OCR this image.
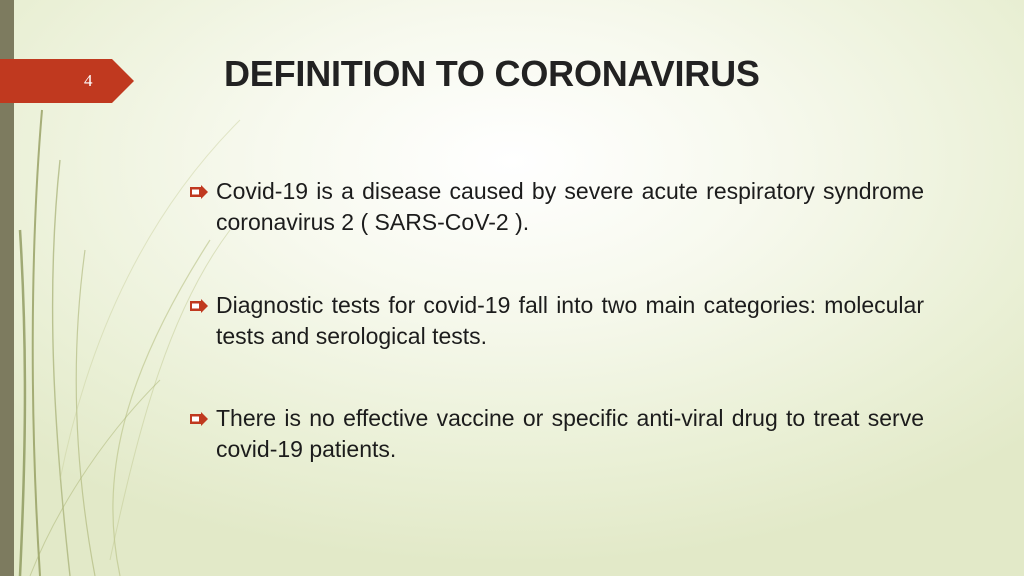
4	DEFINITION TO CORONAVIRUS
Covid-19 is a disease caused by severe acute respiratory syndrome coronavirus 2 ( SARS-CoV-2 ).
Diagnostic tests for covid-19 fall into two main categories: molecular tests and serological tests.
There is no effective vaccine or specific anti-viral drug to treat serve covid-19 patients.
